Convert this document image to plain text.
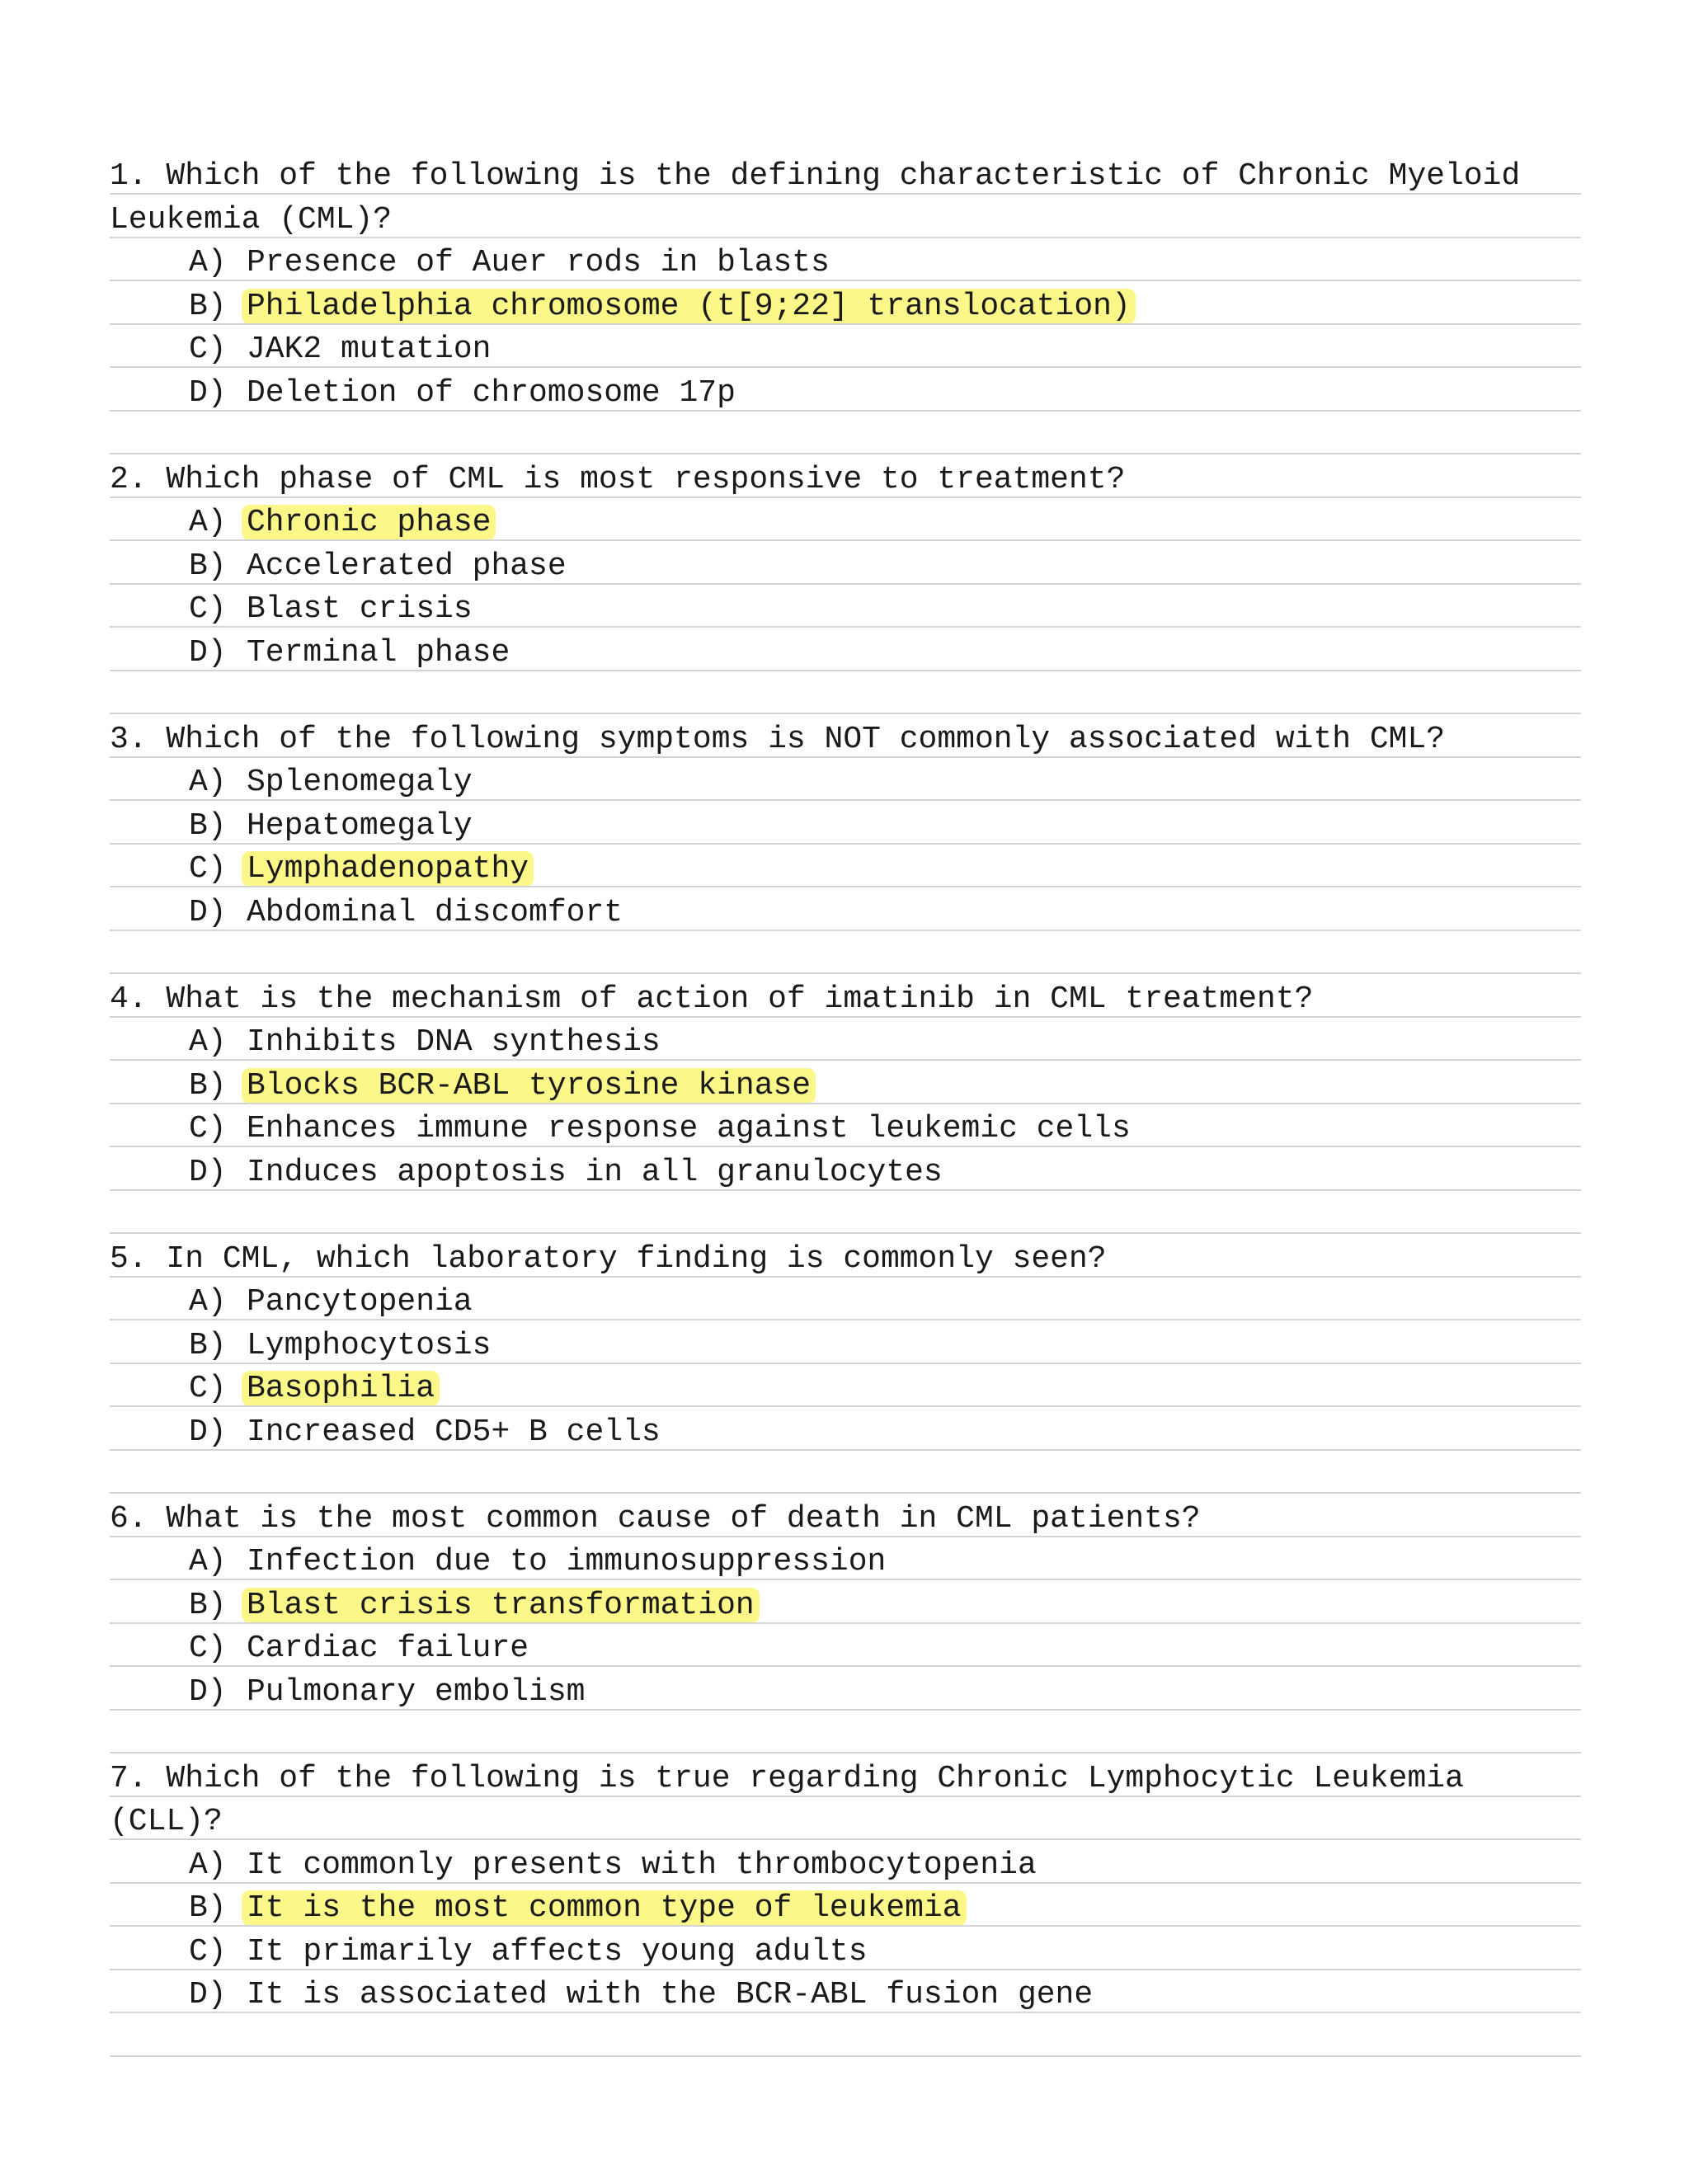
1. Which of the following is the defining characteristic of Chronic Myeloid
Leukemia (CML)?
A) Presence of Auer rods in blasts
B) Philadelphia chromosome (t[9;22] translocation)
C) JAK2 mutation
D) Deletion of chromosome 17p
2. Which phase of CML is most responsive to treatment?
A) Chronic phase
B) Accelerated phase
C) Blast crisis
D) Terminal phase
3. Which of the following symptoms is NOT commonly associated with CML?
A) Splenomegaly
B) Hepatomegaly
C) Lymphadenopathy
D) Abdominal discomfort
4. What is the mechanism of action of imatinib in CML treatment?
A) Inhibits DNA synthesis
B) Blocks BCR-ABL tyrosine kinase
C) Enhances immune response against leukemic cells
D) Induces apoptosis in all granulocytes
5. In CML, which laboratory finding is commonly seen?
A) Pancytopenia
B) Lymphocytosis
C) Basophilia
D) Increased CD5+ B cells
6. What is the most common cause of death in CML patients?
A) Infection due to immunosuppression
B) Blast crisis transformation
C) Cardiac failure
D) Pulmonary embolism
7. Which of the following is true regarding Chronic Lymphocytic Leukemia
(CLL)?
A) It commonly presents with thrombocytopenia
B) It is the most common type of leukemia
C) It primarily affects young adults
D) It is associated with the BCR-ABL fusion gene
